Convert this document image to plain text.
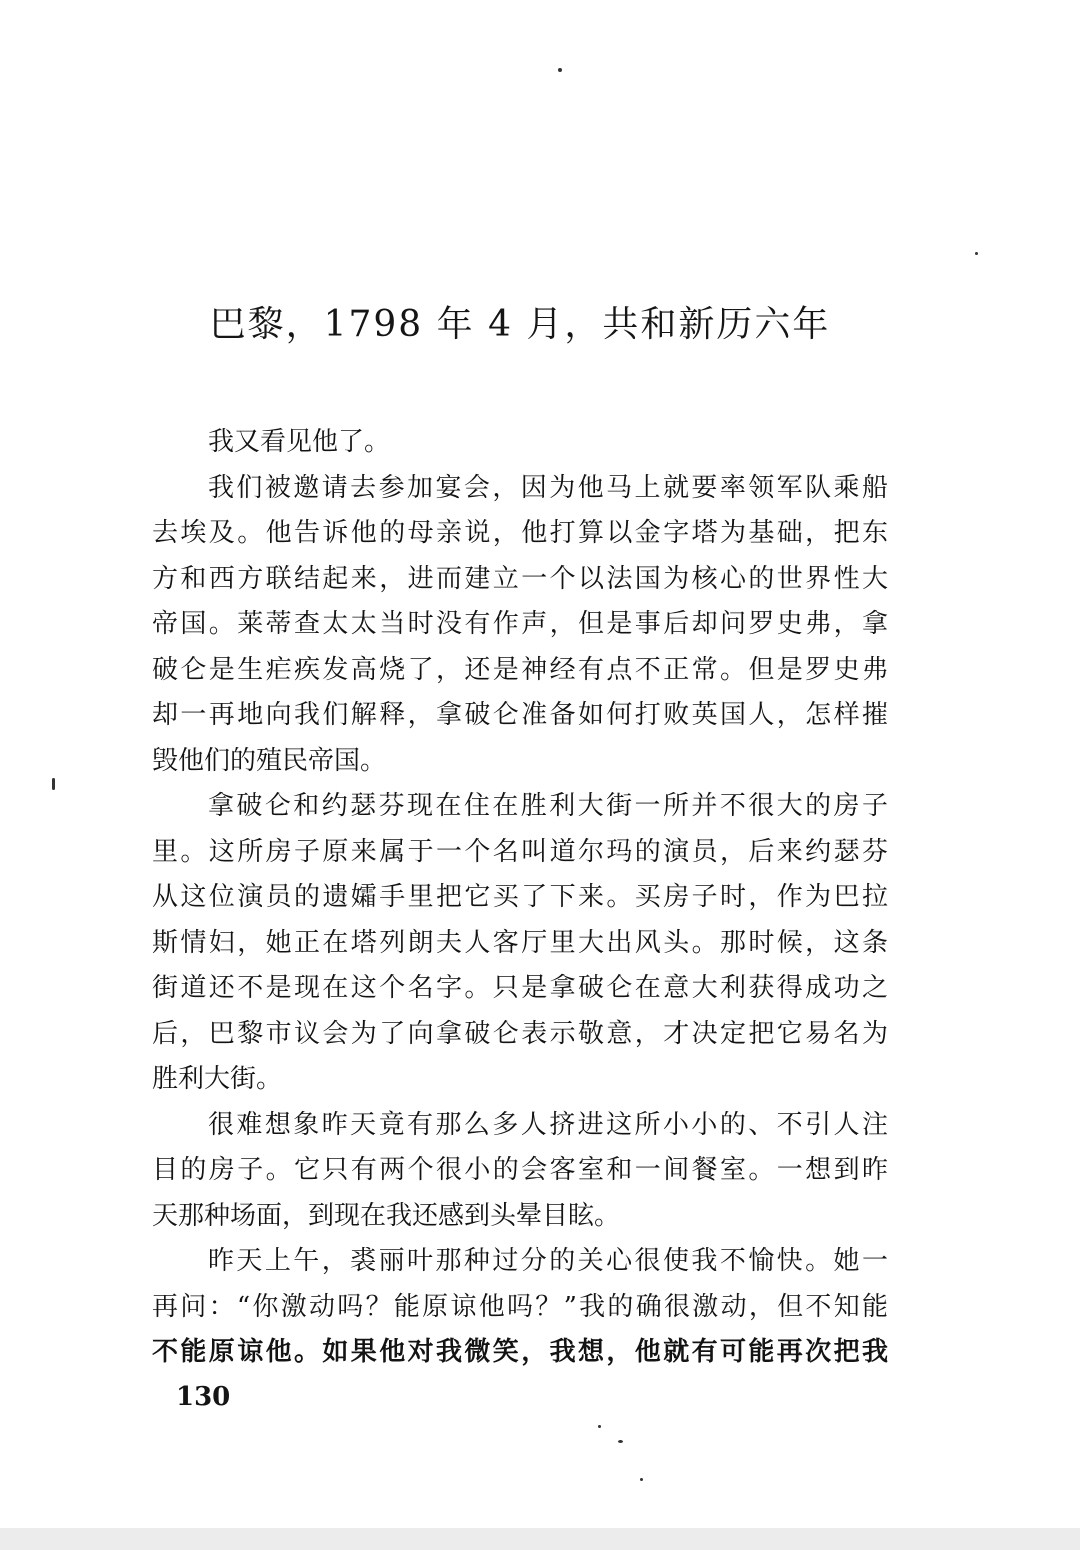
巴黎，1798 年 4 月，共和新历六年
我又看见他了。
我们被邀请去参加宴会，因为他马上就要率领军队乘船
去埃及。他告诉他的母亲说，他打算以金字塔为基础，把东
方和西方联结起来，进而建立一个以法国为核心的世界性大
帝国。莱蒂查太太当时没有作声，但是事后却问罗史弗，拿
破仑是生疟疾发高烧了，还是神经有点不正常。但是罗史弗
却一再地向我们解释，拿破仑准备如何打败英国人，怎样摧
毁他们的殖民帝国。
拿破仑和约瑟芬现在住在胜利大街一所并不很大的房子
里。这所房子原来属于一个名叫道尔玛的演员，后来约瑟芬
从这位演员的遗孀手里把它买了下来。买房子时，作为巴拉
斯情妇，她正在塔列朗夫人客厅里大出风头。那时候，这条
街道还不是现在这个名字。只是拿破仑在意大利获得成功之
后，巴黎市议会为了向拿破仑表示敬意，才决定把它易名为
胜利大街。
很难想象昨天竟有那么多人挤进这所小小的、不引人注
目的房子。它只有两个很小的会客室和一间餐室。一想到昨
天那种场面，到现在我还感到头晕目眩。
昨天上午，裘丽叶那种过分的关心很使我不愉快。她一
再问：“你激动吗？能原谅他吗？”我的确很激动，但不知能
不能原谅他。如果他对我微笑，我想，他就有可能再次把我
130
